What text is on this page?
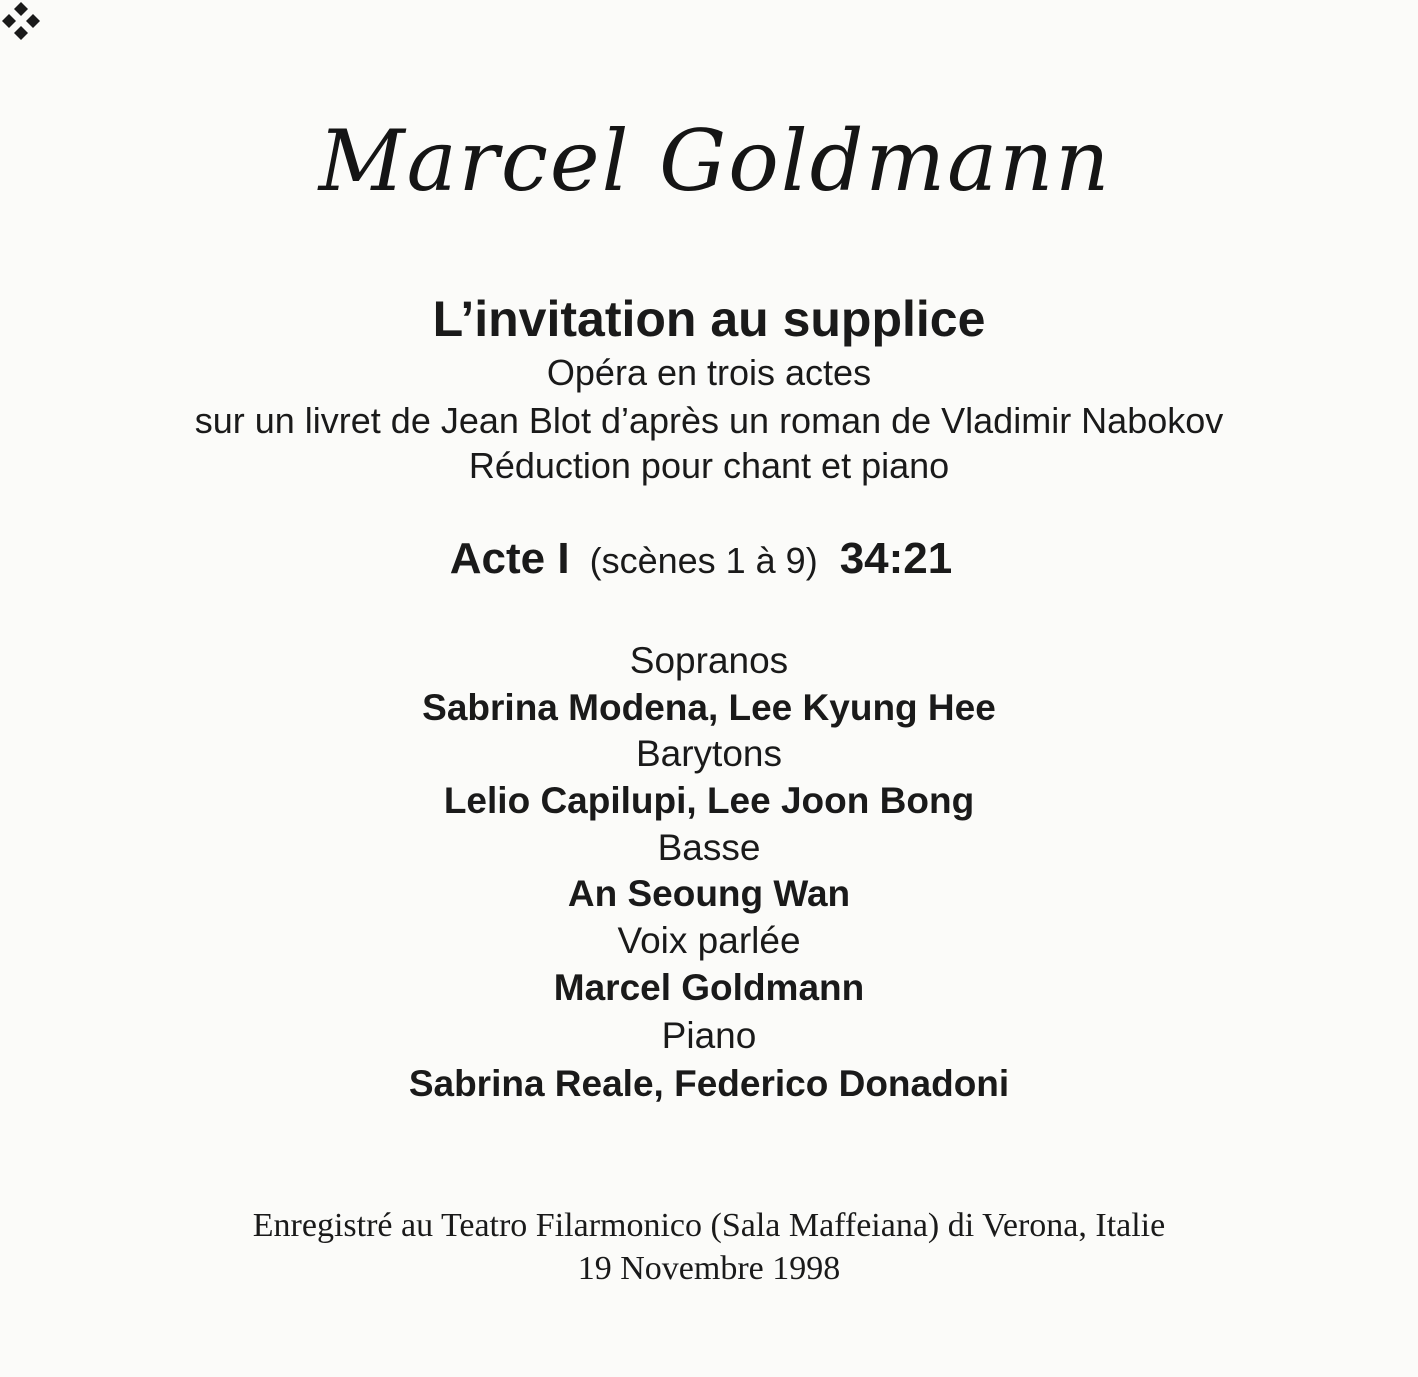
Marcel Goldmann
L’invitation au supplice
Opéra en trois actes
sur un livret de Jean Blot d’après un roman de Vladimir Nabokov
Réduction pour chant et piano
Acte I (scènes 1 à 9) 34:21
Sopranos
Sabrina Modena, Lee Kyung Hee
Barytons
Lelio Capilupi, Lee Joon Bong
Basse
An Seoung Wan
Voix parlée
Marcel Goldmann
Piano
Sabrina Reale, Federico Donadoni
Enregistré au Teatro Filarmonico (Sala Maffeiana) di Verona, Italie
19 Novembre 1998
